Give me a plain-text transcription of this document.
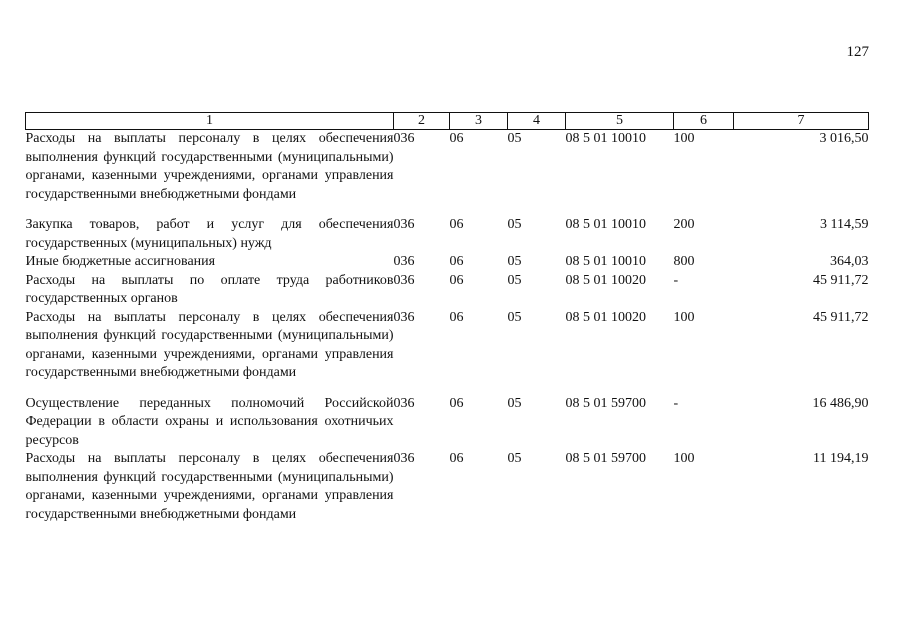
127
1	2	3	4	5	6	7
Расходы на выплаты персоналу в целях обеспечения выполнения функций государственными (муниципальными) органами, казенными учреждениями, органами управления государственными внебюджетными фондами	036	06	05	08 5 01 10010	100	3 016,50
Закупка товаров, работ и услуг для обеспечения государственных (муниципальных) нужд	036	06	05	08 5 01 10010	200	3 114,59
Иные бюджетные ассигнования	036	06	05	08 5 01 10010	800	364,03
Расходы на выплаты по оплате труда работников государственных органов	036	06	05	08 5 01 10020	-	45 911,72
Расходы на выплаты персоналу в целях обеспечения выполнения функций государственными (муниципальными) органами, казенными учреждениями, органами управления государственными внебюджетными фондами	036	06	05	08 5 01 10020	100	45 911,72
Осуществление переданных полномочий Российской Федерации в области охраны и использования охотничьих ресурсов	036	06	05	08 5 01 59700	-	16 486,90
Расходы на выплаты персоналу в целях обеспечения выполнения функций государственными (муниципальными) органами, казенными учреждениями, органами управления государственными внебюджетными фондами	036	06	05	08 5 01 59700	100	11 194,19
